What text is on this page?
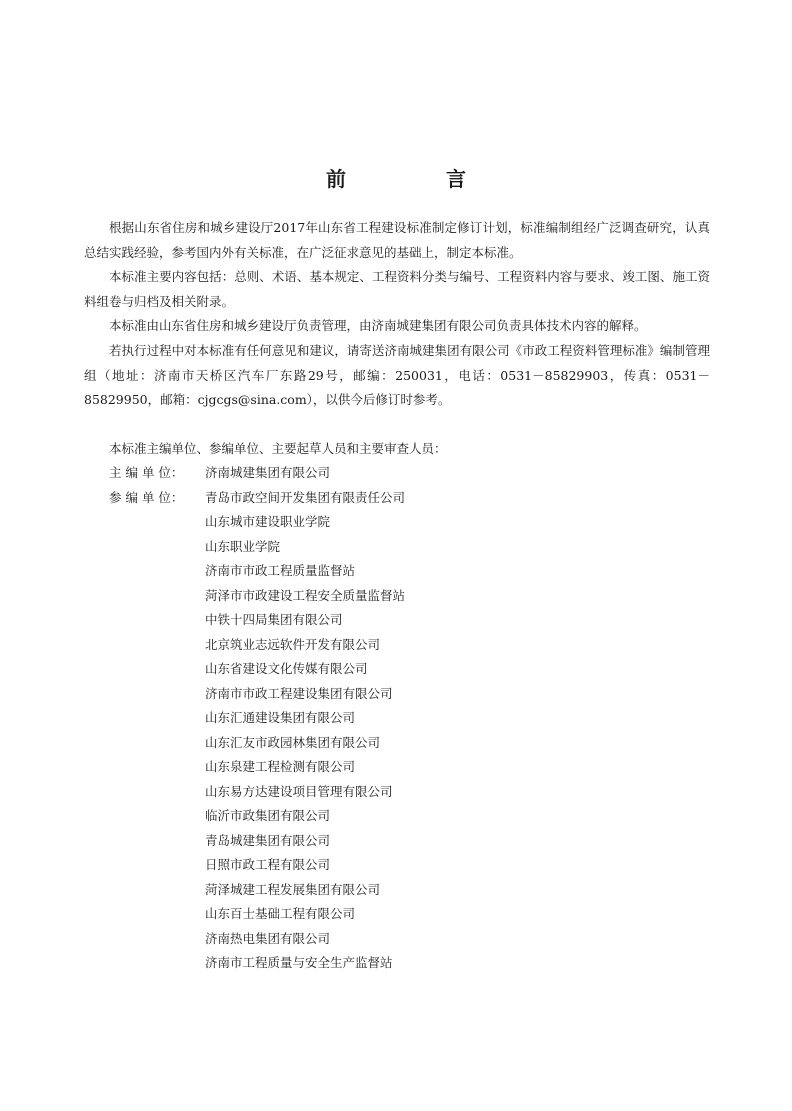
前　言

根据山东省住房和城乡建设厅2017年山东省工程建设标准制定修订计划，标准编制组经广泛调查研究，认真总结实践经验，参考国内外有关标准，在广泛征求意见的基础上，制定本标准。

本标准主要内容包括：总则、术语、基本规定、工程资料分类与编号、工程资料内容与要求、竣工图、施工资料组卷与归档及相关附录。

本标准由山东省住房和城乡建设厅负责管理，由济南城建集团有限公司负责具体技术内容的解释。

若执行过程中对本标准有任何意见和建议，请寄送济南城建集团有限公司《市政工程资料管理标准》编制管理组（地址：济南市天桥区汽车厂东路29号，邮编：250031，电话：0531－85829903，传真：0531－85829950，邮箱：cjgcgs@sina.com），以供今后修订时参考。

本标准主编单位、参编单位、主要起草人员和主要审查人员：
主 编 单 位： 济南城建集团有限公司
参 编 单 位： 青岛市政空间开发集团有限责任公司
山东城市建设职业学院
山东职业学院
济南市市政工程质量监督站
菏泽市市政建设工程安全质量监督站
中铁十四局集团有限公司
北京筑业志远软件开发有限公司
山东省建设文化传媒有限公司
济南市市政工程建设集团有限公司
山东汇通建设集团有限公司
山东汇友市政园林集团有限公司
山东泉建工程检测有限公司
山东易方达建设项目管理有限公司
临沂市政集团有限公司
青岛城建集团有限公司
日照市政工程有限公司
菏泽城建工程发展集团有限公司
山东百士基础工程有限公司
济南热电集团有限公司
济南市工程质量与安全生产监督站
